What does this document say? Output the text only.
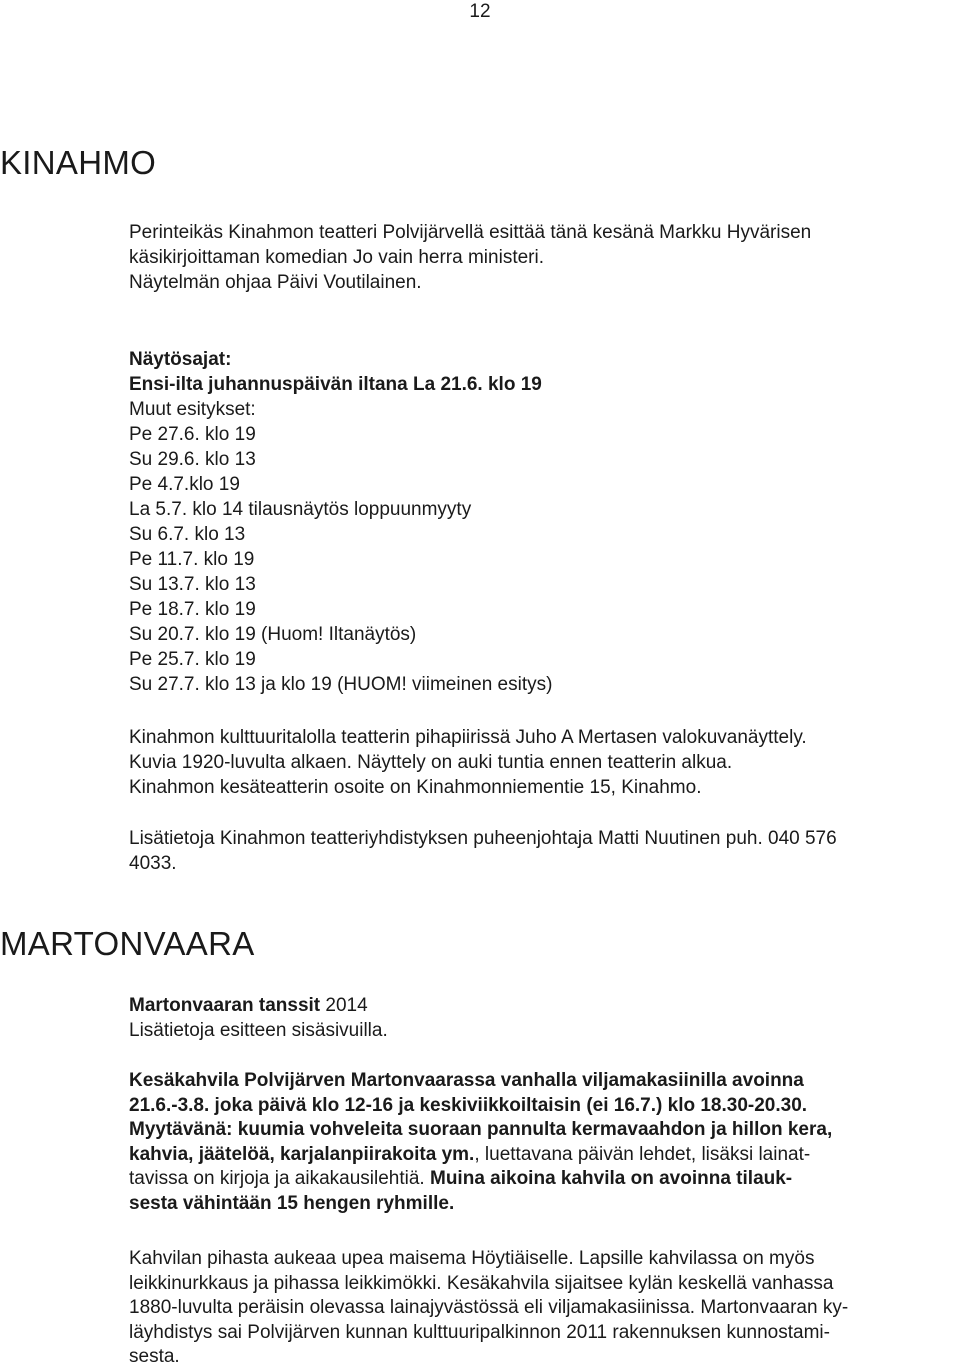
12
KINAHMO
Perinteikäs Kinahmon teatteri Polvijärvellä esittää tänä kesänä Markku Hyvärisen
käsikirjoittaman komedian Jo vain herra ministeri.
Näytelmän ohjaa Päivi Voutilainen.
Näytösajat:
Ensi-ilta juhannuspäivän iltana La 21.6. klo 19
Muut esitykset:
Pe 27.6. klo 19
Su 29.6. klo 13
Pe 4.7.klo 19
La 5.7. klo 14 tilausnäytös loppuunmyyty
Su 6.7. klo 13
Pe 11.7. klo 19
Su 13.7. klo 13
Pe 18.7. klo 19
Su 20.7. klo 19 (Huom! Iltanäytös)
Pe 25.7. klo 19
Su 27.7. klo 13 ja klo 19 (HUOM! viimeinen esitys)
Kinahmon kulttuuritalolla teatterin pihapiirissä Juho A Mertasen valokuvanäyttely.
Kuvia 1920-luvulta alkaen. Näyttely on auki tuntia ennen teatterin alkua.
Kinahmon kesäteatterin osoite on Kinahmonniementie 15, Kinahmo.
Lisätietoja Kinahmon teatteriyhdistyksen puheenjohtaja Matti Nuutinen puh. 040 576
4033.
MARTONVAARA
Martonvaaran tanssit 2014
Lisätietoja esitteen sisäsivuilla.
Kesäkahvila Polvijärven Martonvaarassa vanhalla viljamakasiinilla avoinna
21.6.-3.8. joka päivä klo 12-16 ja keskiviikkoiltaisin (ei 16.7.) klo 18.30-20.30.
Myytävänä: kuumia vohveleita suoraan pannulta kermavaahdon ja hillon kera,
kahvia, jäätelöä, karjalanpiirakoita ym., luettavana päivän lehdet, lisäksi lainat-
tavissa on kirjoja ja aikakausilehtiä. Muina aikoina kahvila on avoinna tilauk-
sesta vähintään 15 hengen ryhmille.
Kahvilan pihasta aukeaa upea maisema Höytiäiselle. Lapsille kahvilassa on myös
leikkinurkkaus ja pihassa leikkimökki. Kesäkahvila sijaitsee kylän keskellä vanhassa
1880-luvulta peräisin olevassa lainajyvästössä eli viljamakasiinissa. Martonvaaran ky-
läyhdistys sai Polvijärven kunnan kulttuuripalkinnon 2011 rakennuksen kunnostami-
sesta.
